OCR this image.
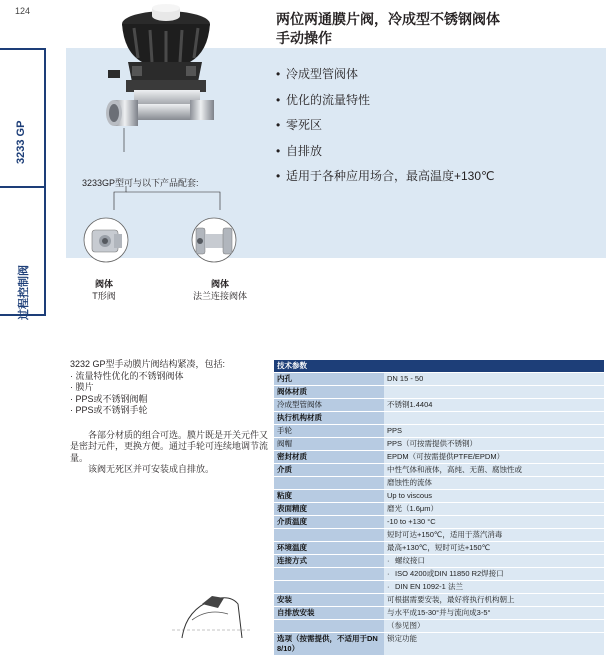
124
3233 GP
过程控制阀
两位两通膜片阀，冷成型不锈钢阀体
手动操作
• 冷成型管阀体
• 优化的流量特性
• 零死区
• 自排放
• 适用于各种应用场合，最高温度+130℃
3233GP型可与以下产品配套:
阀体
T形阀
阀体
法兰连接阀体

3232 GP型手动膜片阀结构紧凑，包括:

· 流量特性优化的不锈钢阀体

· 膜片

· PPS或不锈钢阀帽

· PPS或不锈钢手轮

各部分材质的组合可选。膜片既是开关元件又是密封元件，更换方便。通过手轮可连续地调节流量。

该阀无死区并可安装成自排放。

技术参数	
内孔	DN 15 - 50
阀体材质	
冷成型管阀体	不锈钢1.4404
执行机构材质	
手轮	PPS
阀帽	PPS（可按需提供不锈钢）
密封材质	EPDM（可按需提供PTFE/EPDM）
介质	中性气体和液体，高纯、无菌、腐蚀性或
	磨蚀性的流体
粘度	Up to viscous
表面精度	磨光（1.6μm）
介质温度	-10 to +130 °C
	短时可达+150℃，适用于蒸汽消毒
环境温度	最高+130℃，短时可达+150℃
连接方式	· 螺纹接口
	· ISO 4200或DIN 11850 R2焊接口
	· DIN EN 1092-1 法兰
安装	可根据需要安装，最好将执行机构朝上
自排放安装	与水平成15-30°并与流向成3-5°
	（参见图）
选项（按需提供，不适用于DN 8/10）	锁定功能
